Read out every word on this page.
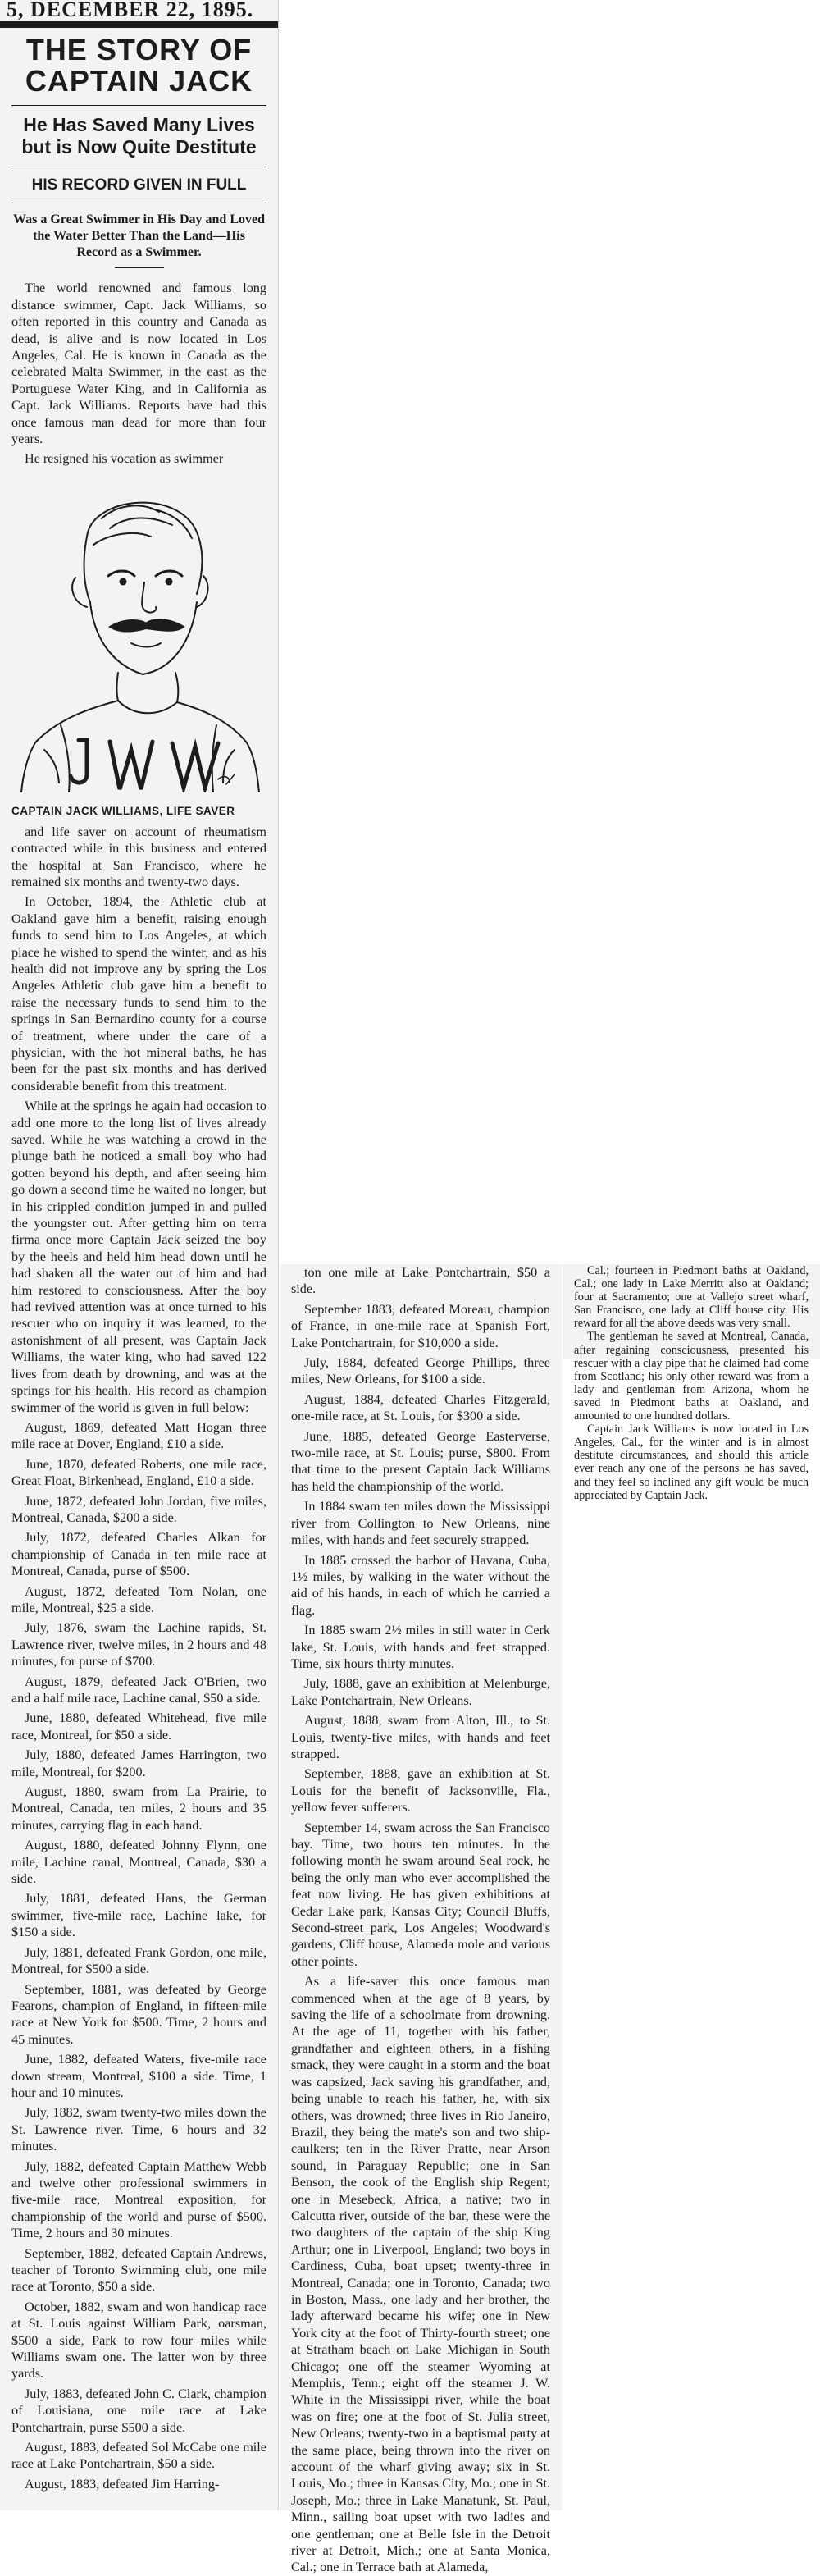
5, DECEMBER 22, 1895.
THE STORY OF CAPTAIN JACK
He Has Saved Many Lives but is Now Quite Destitute
HIS RECORD GIVEN IN FULL
Was a Great Swimmer in His Day and Loved the Water Better Than the Land—His Record as a Swimmer.

The world renowned and famous long distance swimmer, Capt. Jack Williams, so often reported in this country and Canada as dead, is alive and is now located in Los Angeles, Cal. He is known in Canada as the celebrated Malta Swimmer, in the east as the Portuguese Water King, and in California as Capt. Jack Williams. Reports have had this once famous man dead for more than four years.

He resigned his vocation as swimmer

CAPTAIN JACK WILLIAMS, LIFE SAVER

and life saver on account of rheumatism contracted while in this business and entered the hospital at San Francisco, where he remained six months and twenty-two days.

In October, 1894, the Athletic club at Oakland gave him a benefit, raising enough funds to send him to Los Angeles, at which place he wished to spend the winter, and as his health did not improve any by spring the Los Angeles Athletic club gave him a benefit to raise the necessary funds to send him to the springs in San Bernardino county for a course of treatment, where under the care of a physician, with the hot mineral baths, he has been for the past six months and has derived considerable benefit from this treatment.

While at the springs he again had occasion to add one more to the long list of lives already saved. While he was watching a crowd in the plunge bath he noticed a small boy who had gotten beyond his depth, and after seeing him go down a second time he waited no longer, but in his crippled condition jumped in and pulled the youngster out. After getting him on terra firma once more Captain Jack seized the boy by the heels and held him head down until he had shaken all the water out of him and had him restored to consciousness. After the boy had revived attention was at once turned to his rescuer who on inquiry it was learned, to the astonishment of all present, was Captain Jack Williams, the water king, who had saved 122 lives from death by drowning, and was at the springs for his health. His record as champion swimmer of the world is given in full below:

August, 1869, defeated Matt Hogan three mile race at Dover, England, £10 a side.

June, 1870, defeated Roberts, one mile race, Great Float, Birkenhead, England, £10 a side.

June, 1872, defeated John Jordan, five miles, Montreal, Canada, $200 a side.

July, 1872, defeated Charles Alkan for championship of Canada in ten mile race at Montreal, Canada, purse of $500.

August, 1872, defeated Tom Nolan, one mile, Montreal, $25 a side.

July, 1876, swam the Lachine rapids, St. Lawrence river, twelve miles, in 2 hours and 48 minutes, for purse of $700.

August, 1879, defeated Jack O'Brien, two and a half mile race, Lachine canal, $50 a side.

June, 1880, defeated Whitehead, five mile race, Montreal, for $50 a side.

July, 1880, defeated James Harrington, two mile, Montreal, for $200.

August, 1880, swam from La Prairie, to Montreal, Canada, ten miles, 2 hours and 35 minutes, carrying flag in each hand.

August, 1880, defeated Johnny Flynn, one mile, Lachine canal, Montreal, Canada, $30 a side.

July, 1881, defeated Hans, the German swimmer, five-mile race, Lachine lake, for $150 a side.

July, 1881, defeated Frank Gordon, one mile, Montreal, for $500 a side.

September, 1881, was defeated by George Fearons, champion of England, in fifteen-mile race at New York for $500. Time, 2 hours and 45 minutes.

June, 1882, defeated Waters, five-mile race down stream, Montreal, $100 a side. Time, 1 hour and 10 minutes.

July, 1882, swam twenty-two miles down the St. Lawrence river. Time, 6 hours and 32 minutes.

July, 1882, defeated Captain Matthew Webb and twelve other professional swimmers in five-mile race, Montreal exposition, for championship of the world and purse of $500. Time, 2 hours and 30 minutes.

September, 1882, defeated Captain Andrews, teacher of Toronto Swimming club, one mile race at Toronto, $50 a side.

October, 1882, swam and won handicap race at St. Louis against William Park, oarsman, $500 a side, Park to row four miles while Williams swam one. The latter won by three yards.

July, 1883, defeated John C. Clark, champion of Louisiana, one mile race at Lake Pontchartrain, purse $500 a side.

August, 1883, defeated Sol McCabe one mile race at Lake Pontchartrain, $50 a side.

August, 1883, defeated Jim Harring-

ton one mile at Lake Pontchartrain, $50 a side.

September 1883, defeated Moreau, champion of France, in one-mile race at Spanish Fort, Lake Pontchartrain, for $10,000 a side.

July, 1884, defeated George Phillips, three miles, New Orleans, for $100 a side.

August, 1884, defeated Charles Fitzgerald, one-mile race, at St. Louis, for $300 a side.

June, 1885, defeated George Easterverse, two-mile race, at St. Louis; purse, $800. From that time to the present Captain Jack Williams has held the championship of the world.

In 1884 swam ten miles down the Mississippi river from Collington to New Orleans, nine miles, with hands and feet securely strapped.

In 1885 crossed the harbor of Havana, Cuba, 1½ miles, by walking in the water without the aid of his hands, in each of which he carried a flag.

In 1885 swam 2½ miles in still water in Cerk lake, St. Louis, with hands and feet strapped. Time, six hours thirty minutes.

July, 1888, gave an exhibition at Melenburge, Lake Pontchartrain, New Orleans.

August, 1888, swam from Alton, Ill., to St. Louis, twenty-five miles, with hands and feet strapped.

September, 1888, gave an exhibition at St. Louis for the benefit of Jacksonville, Fla., yellow fever sufferers.

September 14, swam across the San Francisco bay. Time, two hours ten minutes. In the following month he swam around Seal rock, he being the only man who ever accomplished the feat now living. He has given exhibitions at Cedar Lake park, Kansas City; Council Bluffs, Second-street park, Los Angeles; Woodward's gardens, Cliff house, Alameda mole and various other points.

As a life-saver this once famous man commenced when at the age of 8 years, by saving the life of a schoolmate from drowning. At the age of 11, together with his father, grandfather and eighteen others, in a fishing smack, they were caught in a storm and the boat was capsized, Jack saving his grandfather, and, being unable to reach his father, he, with six others, was drowned; three lives in Rio Janeiro, Brazil, they being the mate's son and two ship-caulkers; ten in the River Pratte, near Arson sound, in Paraguay Republic; one in San Benson, the cook of the English ship Regent; one in Mesebeck, Africa, a native; two in Calcutta river, outside of the bar, these were the two daughters of the captain of the ship King Arthur; one in Liverpool, England; two boys in Cardiness, Cuba, boat upset; twenty-three in Montreal, Canada; one in Toronto, Canada; two in Boston, Mass., one lady and her brother, the lady afterward became his wife; one in New York city at the foot of Thirty-fourth street; one at Stratham beach on Lake Michigan in South Chicago; one off the steamer Wyoming at Memphis, Tenn.; eight off the steamer J. W. White in the Mississippi river, while the boat was on fire; one at the foot of St. Julia street, New Orleans; twenty-two in a baptismal party at the same place, being thrown into the river on account of the wharf giving away; six in St. Louis, Mo.; three in Kansas City, Mo.; one in St. Joseph, Mo.; three in Lake Manatunk, St. Paul, Minn., sailing boat upset with two ladies and one gentleman; one at Belle Isle in the Detroit river at Detroit, Mich.; one at Santa Monica, Cal.; one in Terrace bath at Alameda,

Cal.; fourteen in Piedmont baths at Oakland, Cal.; one lady in Lake Merritt also at Oakland; four at Sacramento; one at Vallejo street wharf, San Francisco, one lady at Cliff house city. His reward for all the above deeds was very small.

The gentleman he saved at Montreal, Canada, after regaining consciousness, presented his rescuer with a clay pipe that he claimed had come from Scotland; his only other reward was from a lady and gentleman from Arizona, whom he saved in Piedmont baths at Oakland, and amounted to one hundred dollars.

Captain Jack Williams is now located in Los Angeles, Cal., for the winter and is in almost destitute circumstances, and should this article ever reach any one of the persons he has saved, and they feel so inclined any gift would be much appreciated by Captain Jack.
